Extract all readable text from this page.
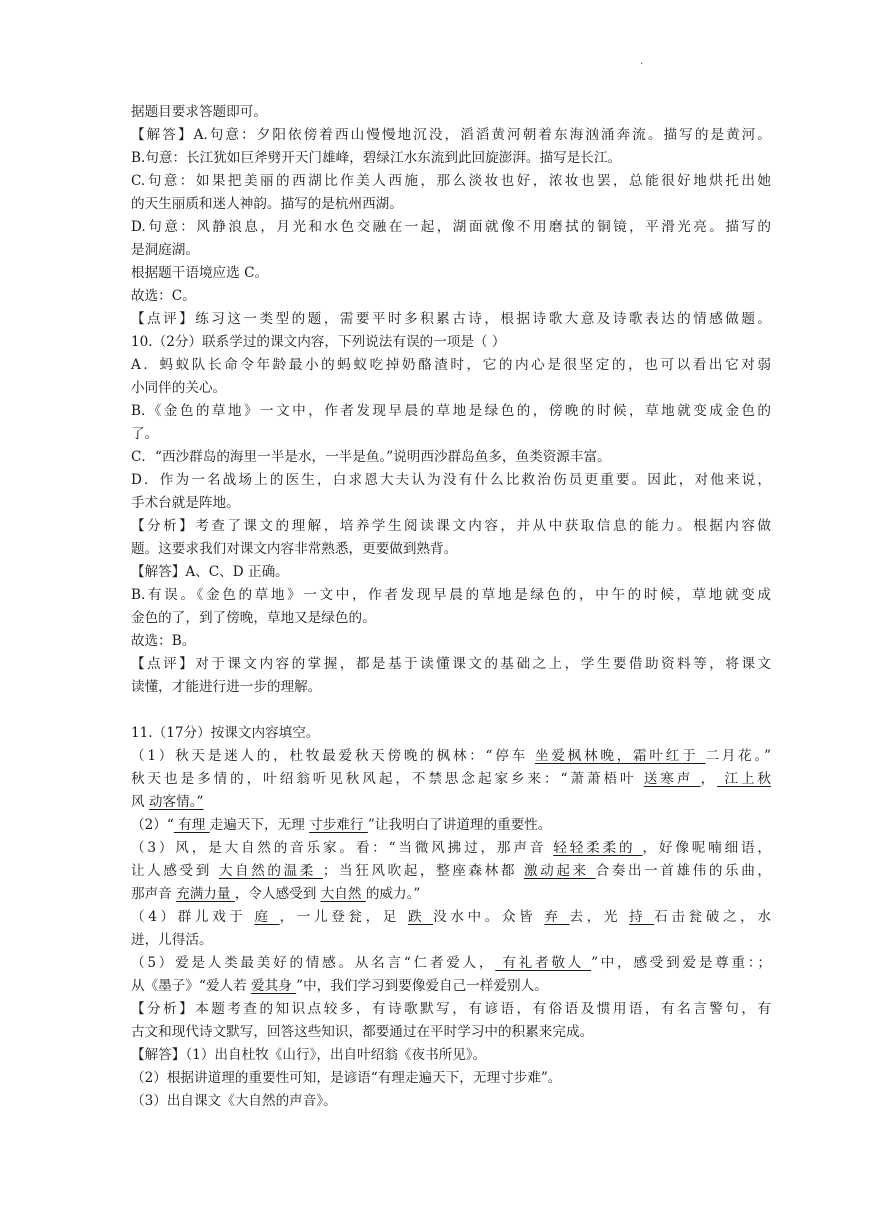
.
据题目要求答题即可。
【解答】A.句意：夕阳依傍着西山慢慢地沉没，滔滔黄河朝着东海汹涌奔流。描写的是黄河。
B.句意：长江犹如巨斧劈开天门雄峰，碧绿江水东流到此回旋澎湃。描写是长江。
C.句意：如果把美丽的西湖比作美人西施，那么淡妆也好，浓妆也罢，总能很好地烘托出她
的天生丽质和迷人神韵。描写的是杭州西湖。
D.句意：风静浪息，月光和水色交融在一起，湖面就像不用磨拭的铜镜，平滑光亮。描写的
是洞庭湖。
根据题干语境应选 C。
故选：C。
【点评】练习这一类型的题，需要平时多积累古诗，根据诗歌大意及诗歌表达的情感做题。
10.（2分）联系学过的课文内容，下列说法有误的一项是（ ）
A．蚂蚁队长命令年龄最小的蚂蚁吃掉奶酪渣时，它的内心是很坚定的，也可以看出它对弱
小同伴的关心。
B.《金色的草地》一文中，作者发现早晨的草地是绿色的，傍晚的时候，草地就变成金色的
了。
C．“西沙群岛的海里一半是水，一半是鱼。”说明西沙群岛鱼多，鱼类资源丰富。
D．作为一名战场上的医生，白求恩大夫认为没有什么比救治伤员更重要。因此，对他来说，
手术台就是阵地。
【分析】考查了课文的理解，培养学生阅读课文内容，并从中获取信息的能力。根据内容做
题。这要求我们对课文内容非常熟悉，更要做到熟背。
【解答】A、C、D 正确。
B.有误。《金色的草地》一文中，作者发现早晨的草地是绿色的，中午的时候，草地就变成
金色的了，到了傍晚，草地又是绿色的。
故选：B。
【点评】对于课文内容的掌握，都是基于读懂课文的基础之上，学生要借助资料等，将课文
读懂，才能进行进一步的理解。
11.（17分）按课文内容填空。
（1）秋天是迷人的，杜牧最爱秋天傍晚的枫林：“停车 坐爱枫林晚，霜叶红于 二月花。”
秋天也是多情的，叶绍翁听见秋风起，不禁思念起家乡来：“萧萧梧叶 送寒声 ， 江上秋
风 动客情。”
（2）“ 有理 走遍天下，无理 寸步难行 ”让我明白了讲道理的重要性。
（3）风，是大自然的音乐家。看：“当微风拂过，那声音 轻轻柔柔的 ，好像呢喃细语，
让人感受到 大自然的温柔 ；当狂风吹起，整座森林都 激动起来 合奏出一首雄伟的乐曲，
那声音 充满力量 ，令人感受到 大自然 的威力。”
（4）群儿戏于 庭 ，一儿登瓮，足 跌 没水中。众皆 弃 去，光 持 石击瓮破之，水
迸，儿得活。
（5）爱是人类最美好的情感。从名言“仁者爱人， 有礼者敬人 ”中，感受到爱是尊重：；
从《墨子》“爱人若 爱其身 ”中，我们学习到要像爱自己一样爱别人。
【分析】本题考查的知识点较多，有诗歌默写，有谚语，有俗语及惯用语，有名言警句，有
古文和现代诗文默写，回答这些知识，都要通过在平时学习中的积累来完成。
【解答】（1）出自杜牧《山行》，出自叶绍翁《夜书所见》。
（2）根据讲道理的重要性可知，是谚语“有理走遍天下，无理寸步难”。
（3）出自课文《大自然的声音》。
